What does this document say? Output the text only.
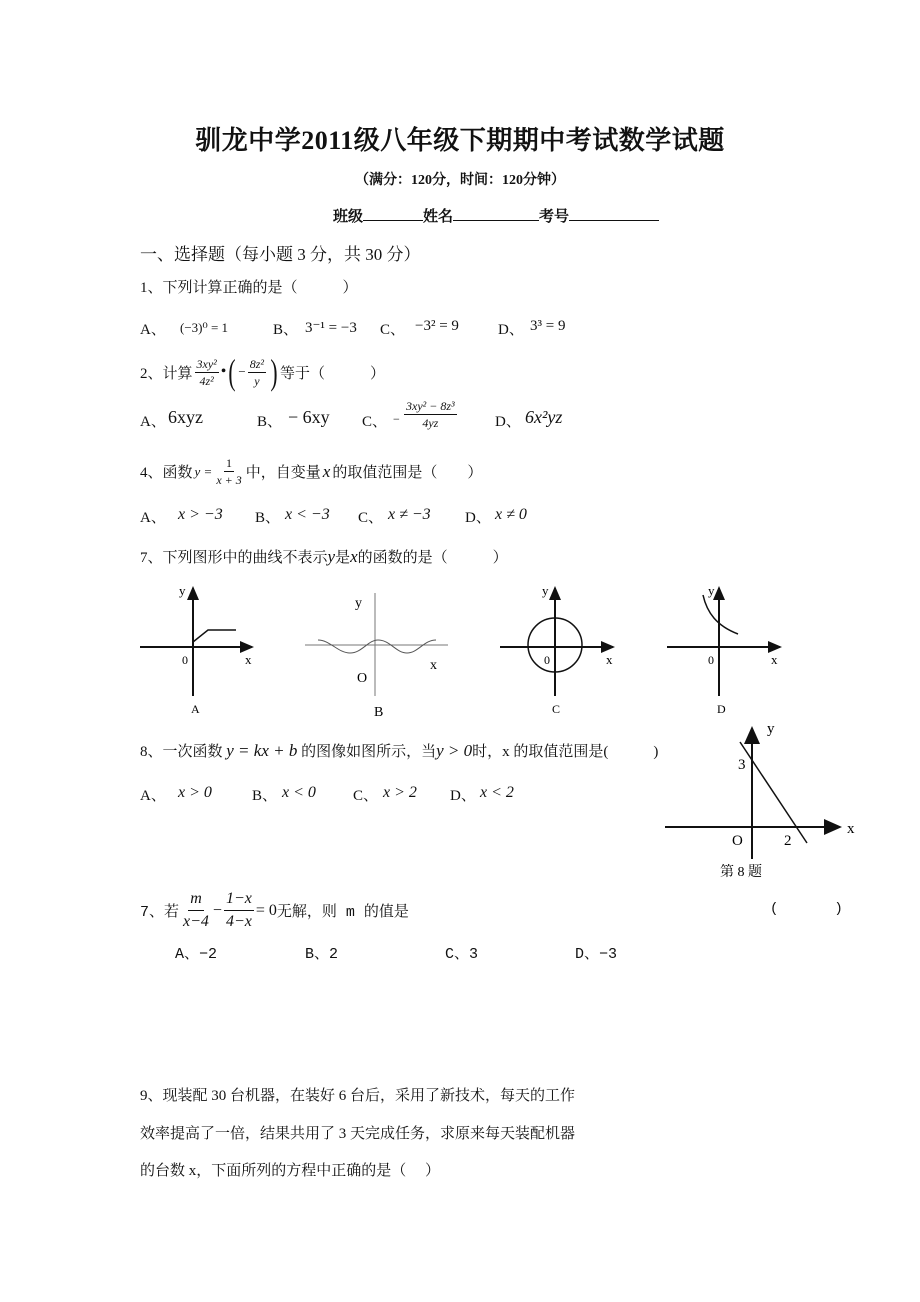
驯龙中学2011级八年级下期期中考试数学试题
（满分：120分，时间：120分钟）
班级	姓名	考号
一、选择题（每小题 3 分，共 30 分）
1、下列计算正确的是（　　　）
A、 (−3)⁰ = 1	B、 3⁻¹ = −3 C、 −3² = 9	D、 3³ = 9
2、计算 $\frac{\text{3xy²}}{\text{4z²}}$ • ( − $\frac{\text{8z²}}{y}$ ) 等于（　　　）
A、 6xyz	B、 − 6xy C、 − $\frac{\text{3xy² − 8z³}}{4yz}$	D、 6x²yz
4、函数 $y = \frac{1}{x + 3}$ 中，自变量 x 的取值范围是（　　）
A、 x > −3 B、 x < −3 C、 x ≠ −3 D、 x ≠ 0
7、下列图形中的曲线不表示y是x的函数的是（　　　）
y
x
0
A
y
x
O
B
y
x
0
C
y
x
0
D
8、一次函数 y = kx + b 的图像如图所示，当y > 0时，x 的取值范围是(　　　)
A、 x > 0	B、 x < 0 C、 x > 2 D、 x < 2
y
x
O
3
2
第 8 题
7、若 $\frac{m}{x-4} - \frac{1-x}{4-x} = 0$ 无解，则 m 的值是	(　　　　)
A、−2	B、2	C、3	D、−3
9、现装配 30 台机器，在装好 6 台后，采用了新技术，每天的工作
效率提高了一倍，结果共用了 3 天完成任务，求原来每天装配机器
的台数 x，下面所列的方程中正确的是（　 ）
